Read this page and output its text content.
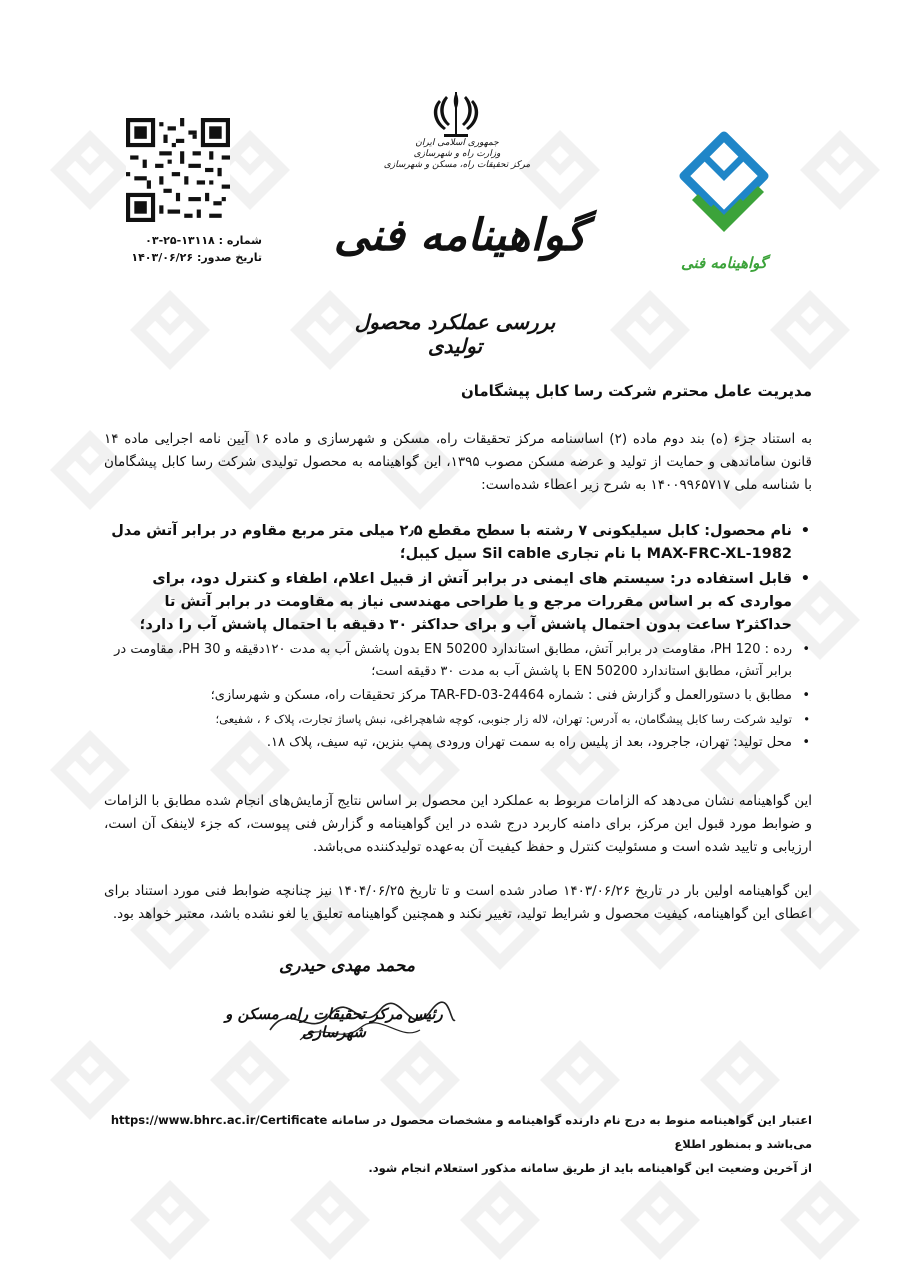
شماره : ۱۳۱۱۸-۲۵-۰۳
تاریخ صدور: ۱۴۰۳/۰۶/۲۶
جمهوری اسلامی ایران
وزارت راه و شهرسازی
مرکز تحقیقات راه، مسکن و شهرسازی
گواهینامه فنی
بررسی عملکرد محصول تولیدی
گواهینامه فنی
مدیریت عامل محترم شرکت رسا کابل پیشگامان
به استناد جزء (ه) بند دوم ماده (۲) اساسنامه مرکز تحقیقات راه، مسکن و شهرسازی و ماده ۱۶ آیین نامه اجرایی ماده ۱۴ قانون ساماندهی و حمایت از تولید و عرضه مسکن مصوب ۱۳۹۵، این گواهینامه به محصول تولیدی شرکت رسا کابل پیشگامان با شناسه ملی ۱۴۰۰۹۹۶۵۷۱۷ به شرح زیر اعطاء شده‌است:
• نام محصول: کابل سیلیکونی ۷ رشته با سطح مقطع ۲٫۵ میلی متر مربع مقاوم در برابر آتش مدل MAX-FRC-XL-1982 با نام تجاری Sil cable سیل کیبل؛
• قابل استفاده در: سیستم های ایمنی در برابر آتش از قبیل اعلام، اطفاء و کنترل دود، برای مواردی که بر اساس مقررات مرجع و یا طراحی مهندسی نیاز به مقاومت در برابر آتش تا حداکثر۲ ساعت بدون احتمال پاشش آب و برای حداکثر ۳۰ دقیقه با احتمال پاشش آب را دارد؛
• رده : PH 120، مقاومت در برابر آتش، مطابق استاندارد EN 50200 بدون پاشش آب به مدت ۱۲۰دقیقه و PH 30، مقاومت در برابر آتش، مطابق استاندارد EN 50200 با پاشش آب به مدت ۳۰ دقیقه است؛
• مطابق با دستورالعمل و گزارش فنی : شماره TAR-FD-03-24464 مرکز تحقیقات راه، مسکن و شهرسازی؛
• تولید شرکت رسا کابل پیشگامان، به آدرس: تهران، لاله زار جنوبی، کوچه شاهچراغی، نبش پاساژ تجارت، پلاک ۶ ، شفیعی؛
• محل تولید: تهران، جاجرود، بعد از پلیس راه به سمت تهران ورودی پمپ بنزین، تپه سیف، پلاک ۱۸.
این گواهینامه نشان می‌دهد که الزامات مربوط به عملکرد این محصول بر اساس نتایج آزمایش‌های انجام شده مطابق با الزامات و ضوابط مورد قبول این مرکز، برای دامنه کاربرد درج شده در این گواهینامه و گزارش فنی پیوست، که جزء لاینفک آن است، ارزیابی و تایید شده است و مسئولیت کنترل و حفظ کیفیت آن به‌عهده تولیدکننده می‌باشد.
این گواهینامه اولین بار در تاریخ ۱۴۰۳/۰۶/۲۶ صادر شده است و تا تاریخ ۱۴۰۴/۰۶/۲۵ نیز چنانچه ضوابط فنی مورد استناد برای اعطای این گواهینامه، کیفیت محصول و شرایط تولید، تغییر نکند و همچنین گواهینامه تعلیق یا لغو نشده باشد، معتبر خواهد بود.
محمد مهدی حیدری
رئیس مرکز تحقیقات راه، مسکن و شهرسازی
اعتبار این گواهینامه منوط به درج نام دارنده گواهینامه و مشخصات محصول در سامانه https://www.bhrc.ac.ir/Certificate می‌باشد و بمنظور اطلاع
از آخرین وضعیت این گواهینامه باید از طریق سامانه مذکور استعلام انجام شود.
